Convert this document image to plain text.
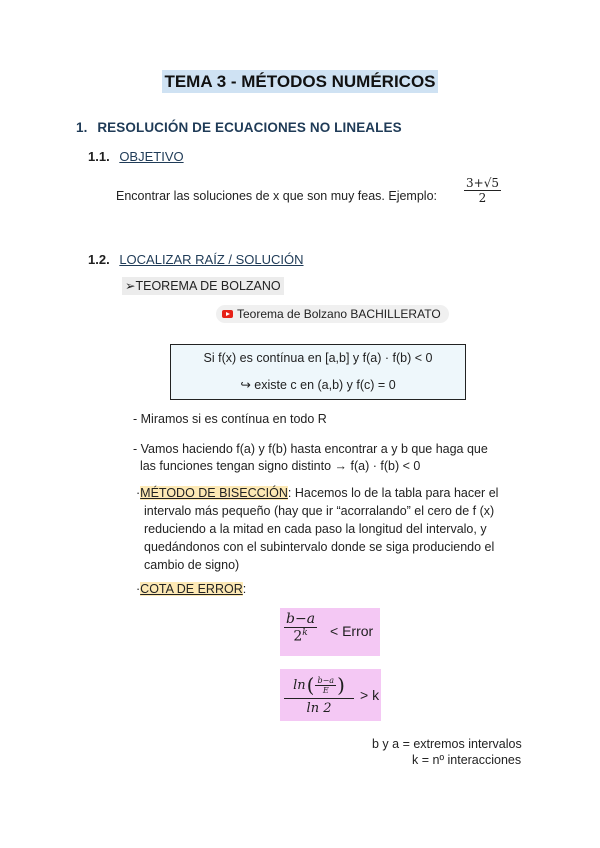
TEMA 3 - MÉTODOS NUMÉRICOS
1. RESOLUCIÓN DE ECUACIONES NO LINEALES
1.1. OBJETIVO
Encontrar las soluciones de x que son muy feas. Ejemplo:
3+√5
2
1.2. LOCALIZAR RAÍZ / SOLUCIÓN
➢TEOREMA DE BOLZANO
Teorema de Bolzano BACHILLERATO
Si f(x) es contínua en [a,b] y f(a) · f(b) < 0
↪ existe c en (a,b) y f(c) = 0
- Miramos si es contínua en todo R
- Vamos haciendo f(a) y f(b) hasta encontrar a y b que haga que
las funciones tengan signo distinto → f(a) · f(b) < 0
·MÉTODO DE BISECCIÓN: Hacemos lo de la tabla para hacer el
intervalo más pequeño (hay que ir “acorralando” el cero de f (x)
reduciendo a la mitad en cada paso la longitud del intervalo, y
quedándonos con el subintervalo donde se siga produciendo el
cambio de signo)
·COTA DE ERROR:
b−a
$2^k$	< Error
ln ( $\frac{b-a}{E}$ )
ln 2
> k
b y a = extremos intervalos
k = nº interacciones
